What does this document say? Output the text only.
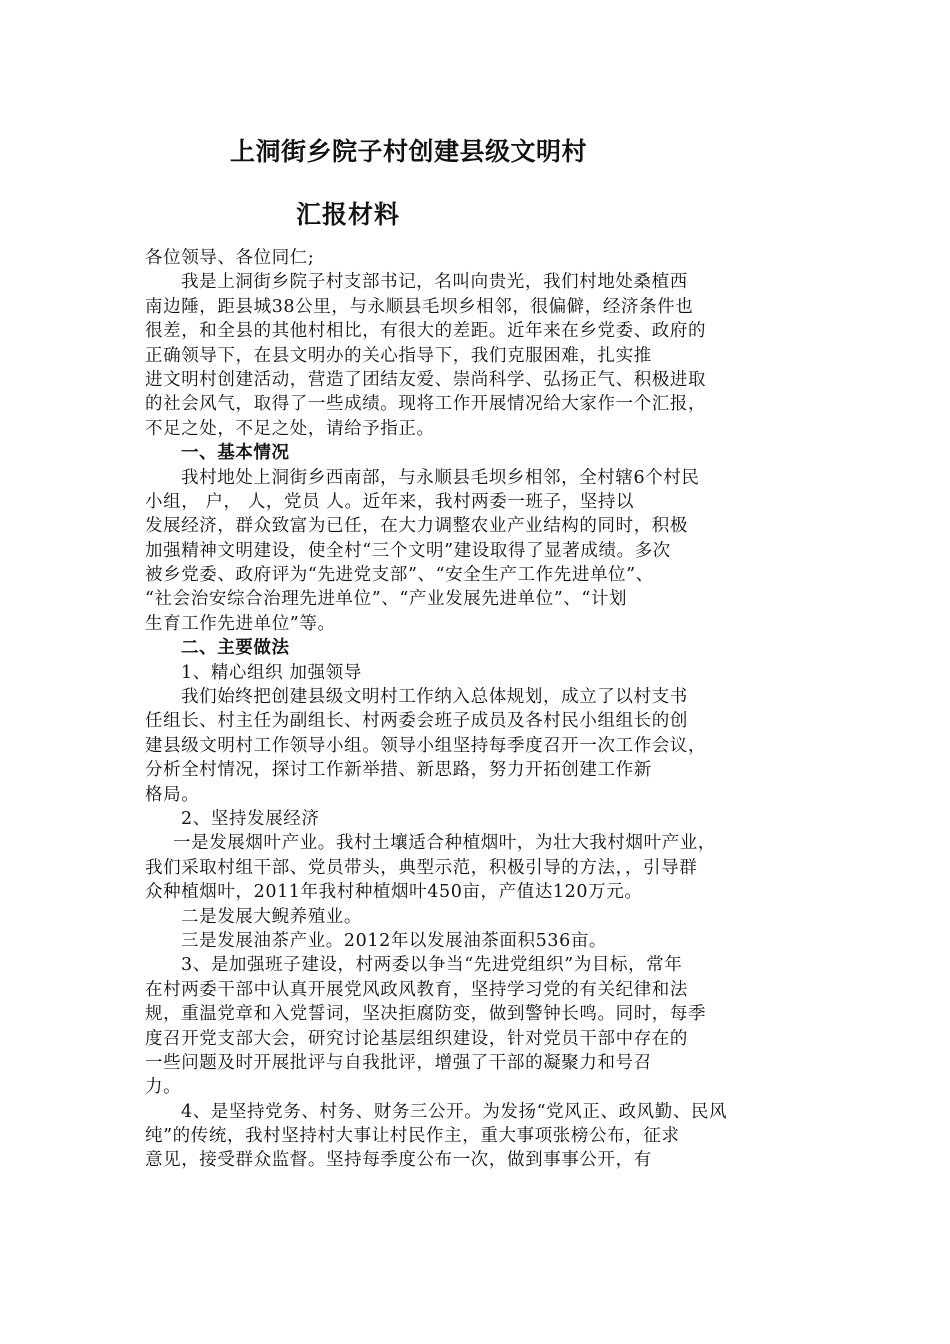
上洞街乡院子村创建县级文明村
汇报材料
各位领导、各位同仁;
我是上洞街乡院子村支部书记，名叫向贵光，我们村地处桑植西
南边陲，距县城38公里，与永顺县毛坝乡相邻，很偏僻，经济条件也
很差，和全县的其他村相比，有很大的差距。近年来在乡党委、政府的
正确领导下，在县文明办的关心指导下，我们克服困难，扎实推
进文明村创建活动，营造了团结友爱、崇尚科学、弘扬正气、积极进取
的社会风气，取得了一些成绩。现将工作开展情况给大家作一个汇报，
不足之处，不足之处，请给予指正。
一、基本情况
我村地处上洞街乡西南部，与永顺县毛坝乡相邻，全村辖6个村民
小组， 户， 人，党员 人。近年来，我村两委一班子，坚持以
发展经济，群众致富为已任，在大力调整农业产业结构的同时，积极
加强精神文明建设，使全村“三个文明”建设取得了显著成绩。多次
被乡党委、政府评为“先进党支部”、“安全生产工作先进单位”、
“社会治安综合治理先进单位”、“产业发展先进单位”、“计划
生育工作先进单位”等。
二、主要做法
1、精心组织 加强领导
我们始终把创建县级文明村工作纳入总体规划，成立了以村支书
任组长、村主任为副组长、村两委会班子成员及各村民小组组长的创
建县级文明村工作领导小组。领导小组坚持每季度召开一次工作会议，
分析全村情况，探讨工作新举措、新思路，努力开拓创建工作新
格局。
2、坚持发展经济
一是发展烟叶产业。我村土壤适合种植烟叶，为壮大我村烟叶产业，
我们采取村组干部、党员带头，典型示范，积极引导的方法，，引导群
众种植烟叶，2011年我村种植烟叶450亩，产值达120万元。
二是发展大鲵养殖业。
三是发展油茶产业。2012年以发展油茶面积536亩。
3、是加强班子建设，村两委以争当“先进党组织”为目标，常年
在村两委干部中认真开展党风政风教育，坚持学习党的有关纪律和法
规，重温党章和入党誓词，坚决拒腐防变，做到警钟长鸣。同时，每季
度召开党支部大会，研究讨论基层组织建设，针对党员干部中存在的
一些问题及时开展批评与自我批评，增强了干部的凝聚力和号召
力。
4、是坚持党务、村务、财务三公开。为发扬“党风正、政风勤、民风
纯”的传统，我村坚持村大事让村民作主，重大事项张榜公布，征求
意见，接受群众监督。坚持每季度公布一次，做到事事公开，有
